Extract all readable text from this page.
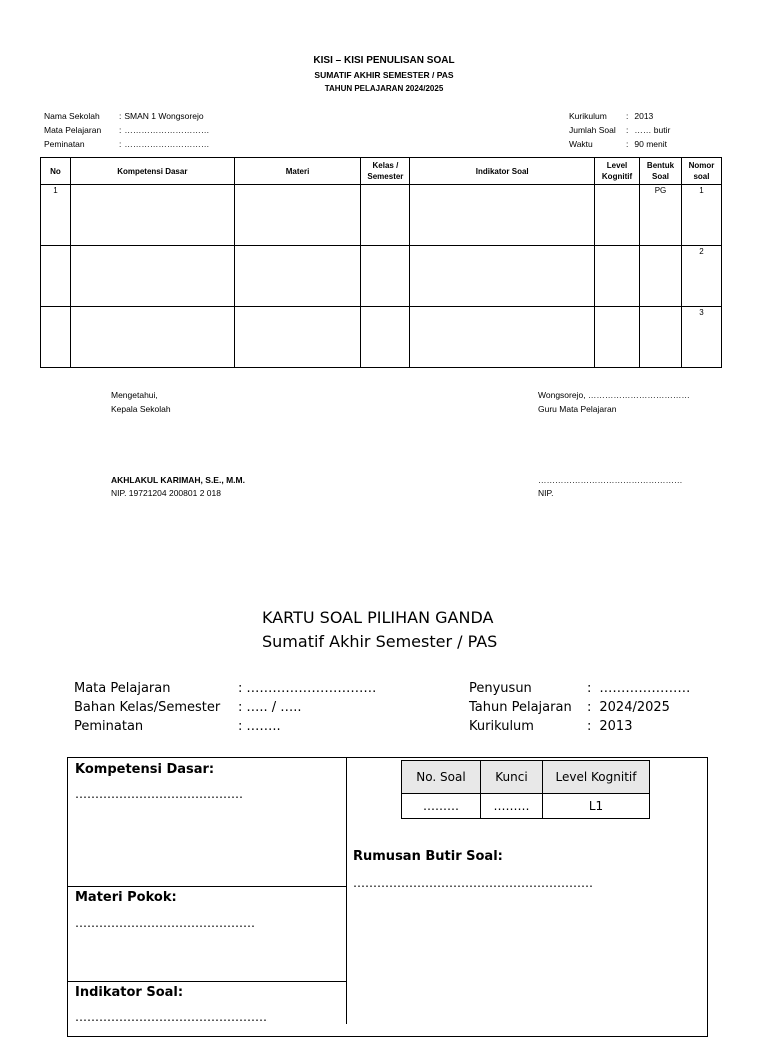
KISI – KISI PENULISAN SOAL
SUMATIF AKHIR SEMESTER / PAS
TAHUN PELAJARAN 2024/2025
Nama Sekolah	:	SMAN 1 Wongsorejo
Mata Pelajaran	:	…………………………
Peminatan	:	…………………………
Kurikulum	:	2013
Jumlah Soal	:	…… butir
Waktu	:	90 menit
No	Kompetensi Dasar	Materi	Kelas / Semester	Indikator Soal	Level Kognitif	Bentuk Soal	Nomor soal
1						PG	1
							2
							3
Mengetahui,
Kepala Sekolah
AKHLAKUL KARIMAH, S.E., M.M.
NIP. 19721204 200801 2 018
Wongsorejo, ………………………………
Guru Mata Pelajaran
……………………………………………
NIP.
KARTU SOAL PILIHAN GANDA
Sumatif Akhir Semester / PAS
Mata Pelajaran	:	…………………………
Bahan Kelas/Semester	:	….. / …..
Peminatan	:	……..
Penyusun	:	…………………
Tahun Pelajaran	:	2024/2025
Kurikulum	:	2013
Kompetensi Dasar:
……………………………………
Materi Pokok:
………………………………………
Indikator Soal:
…………………………………………
No. Soal	Kunci	Level Kognitif
………	………	L1
Rumusan Butir Soal:
……………………………………………………
